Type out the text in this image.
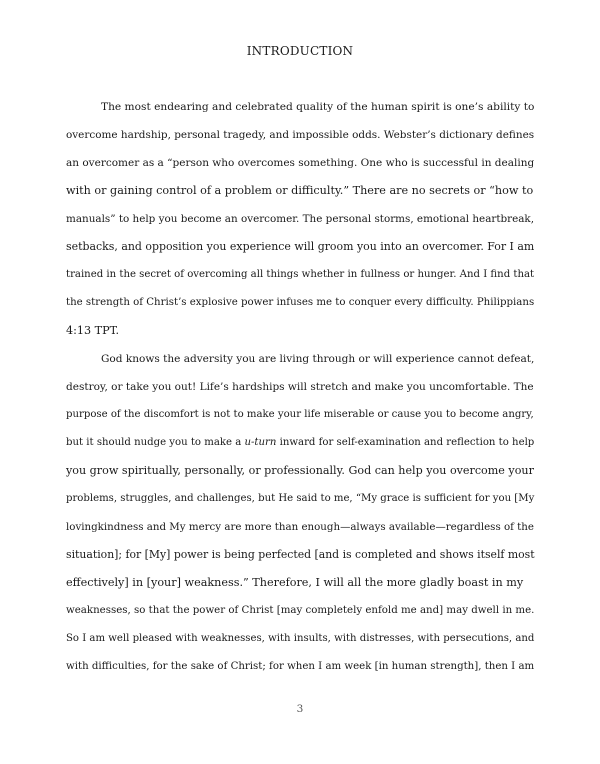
INTRODUCTION
The most endearing and celebrated quality of the human spirit is one’s ability to
overcome hardship, personal tragedy, and impossible odds. Webster’s dictionary defines
an overcomer as a “person who overcomes something. One who is successful in dealing
with or gaining control of a problem or difficulty.” There are no secrets or “how to
manuals” to help you become an overcomer. The personal storms, emotional heartbreak,
setbacks, and opposition you experience will groom you into an overcomer. For I am
trained in the secret of overcoming all things whether in fullness or hunger. And I find that
the strength of Christ’s explosive power infuses me to conquer every difficulty. Philippians
4:13 TPT.
God knows the adversity you are living through or will experience cannot defeat,
destroy, or take you out! Life’s hardships will stretch and make you uncomfortable. The
purpose of the discomfort is not to make your life miserable or cause you to become angry,
but it should nudge you to make a u-turn inward for self-examination and reflection to help
you grow spiritually, personally, or professionally. God can help you overcome your
problems, struggles, and challenges, but He said to me, “My grace is sufficient for you [My
lovingkindness and My mercy are more than enough—always available—regardless of the
situation]; for [My] power is being perfected [and is completed and shows itself most
effectively] in [your] weakness.” Therefore, I will all the more gladly boast in my
weaknesses, so that the power of Christ [may completely enfold me and] may dwell in me.
So I am well pleased with weaknesses, with insults, with distresses, with persecutions, and
with difficulties, for the sake of Christ; for when I am week [in human strength], then I am
3
